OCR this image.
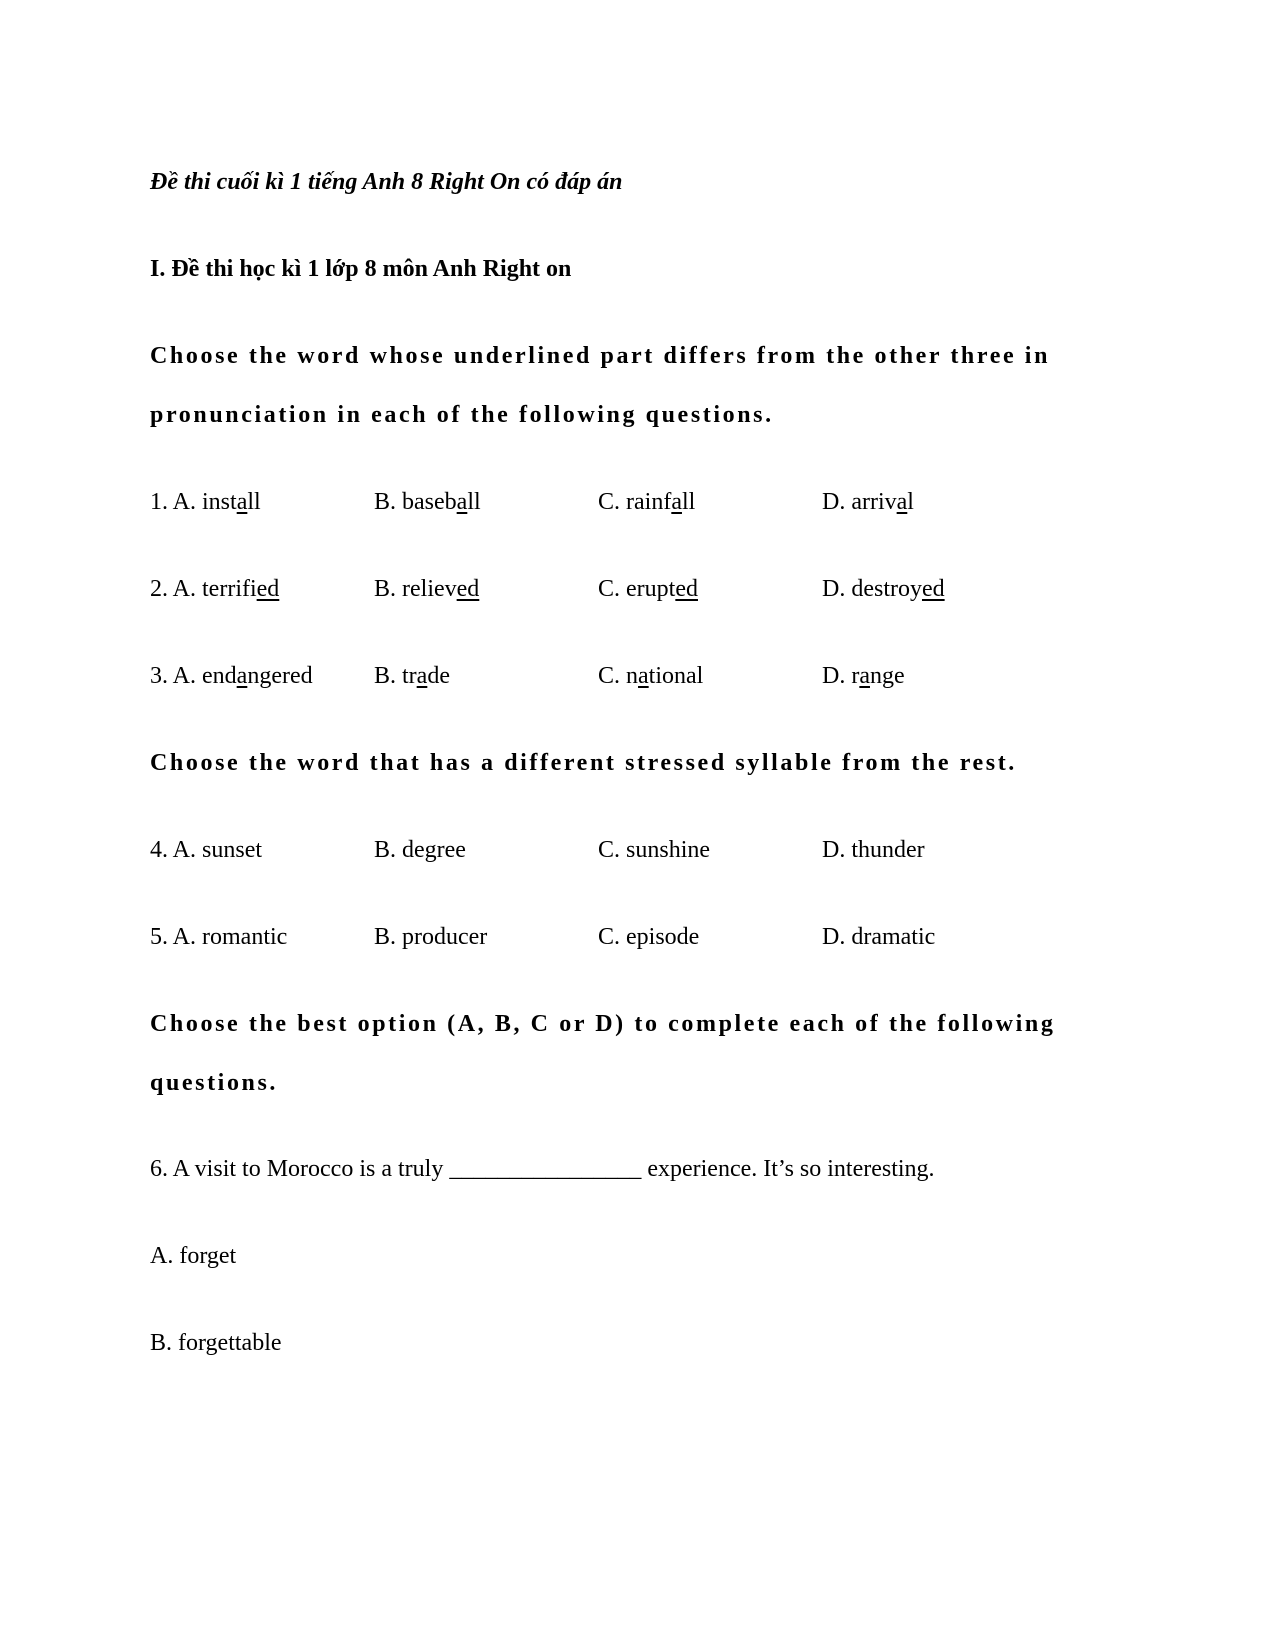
Đề thi cuối kì 1 tiếng Anh 8 Right On có đáp án
I. Đề thi học kì 1 lớp 8 môn Anh Right on
Choose the word whose underlined part differs from the other three in
pronunciation in each of the following questions.
1. A. install	B. baseball	C. rainfall	D. arrival
2. A. terrified	B. relieved	C. erupted	D. destroyed
3. A. endangered	B. trade	C. national	D. range
Choose the word that has a different stressed syllable from the rest.
4. A. sunset	B. degree	C. sunshine	D. thunder
5. A. romantic	B. producer	C. episode	D. dramatic
Choose the best option (A, B, C or D) to complete each of the following
questions.
6. A visit to Morocco is a truly ________________ experience. It’s so interesting.
A. forget
B. forgettable
